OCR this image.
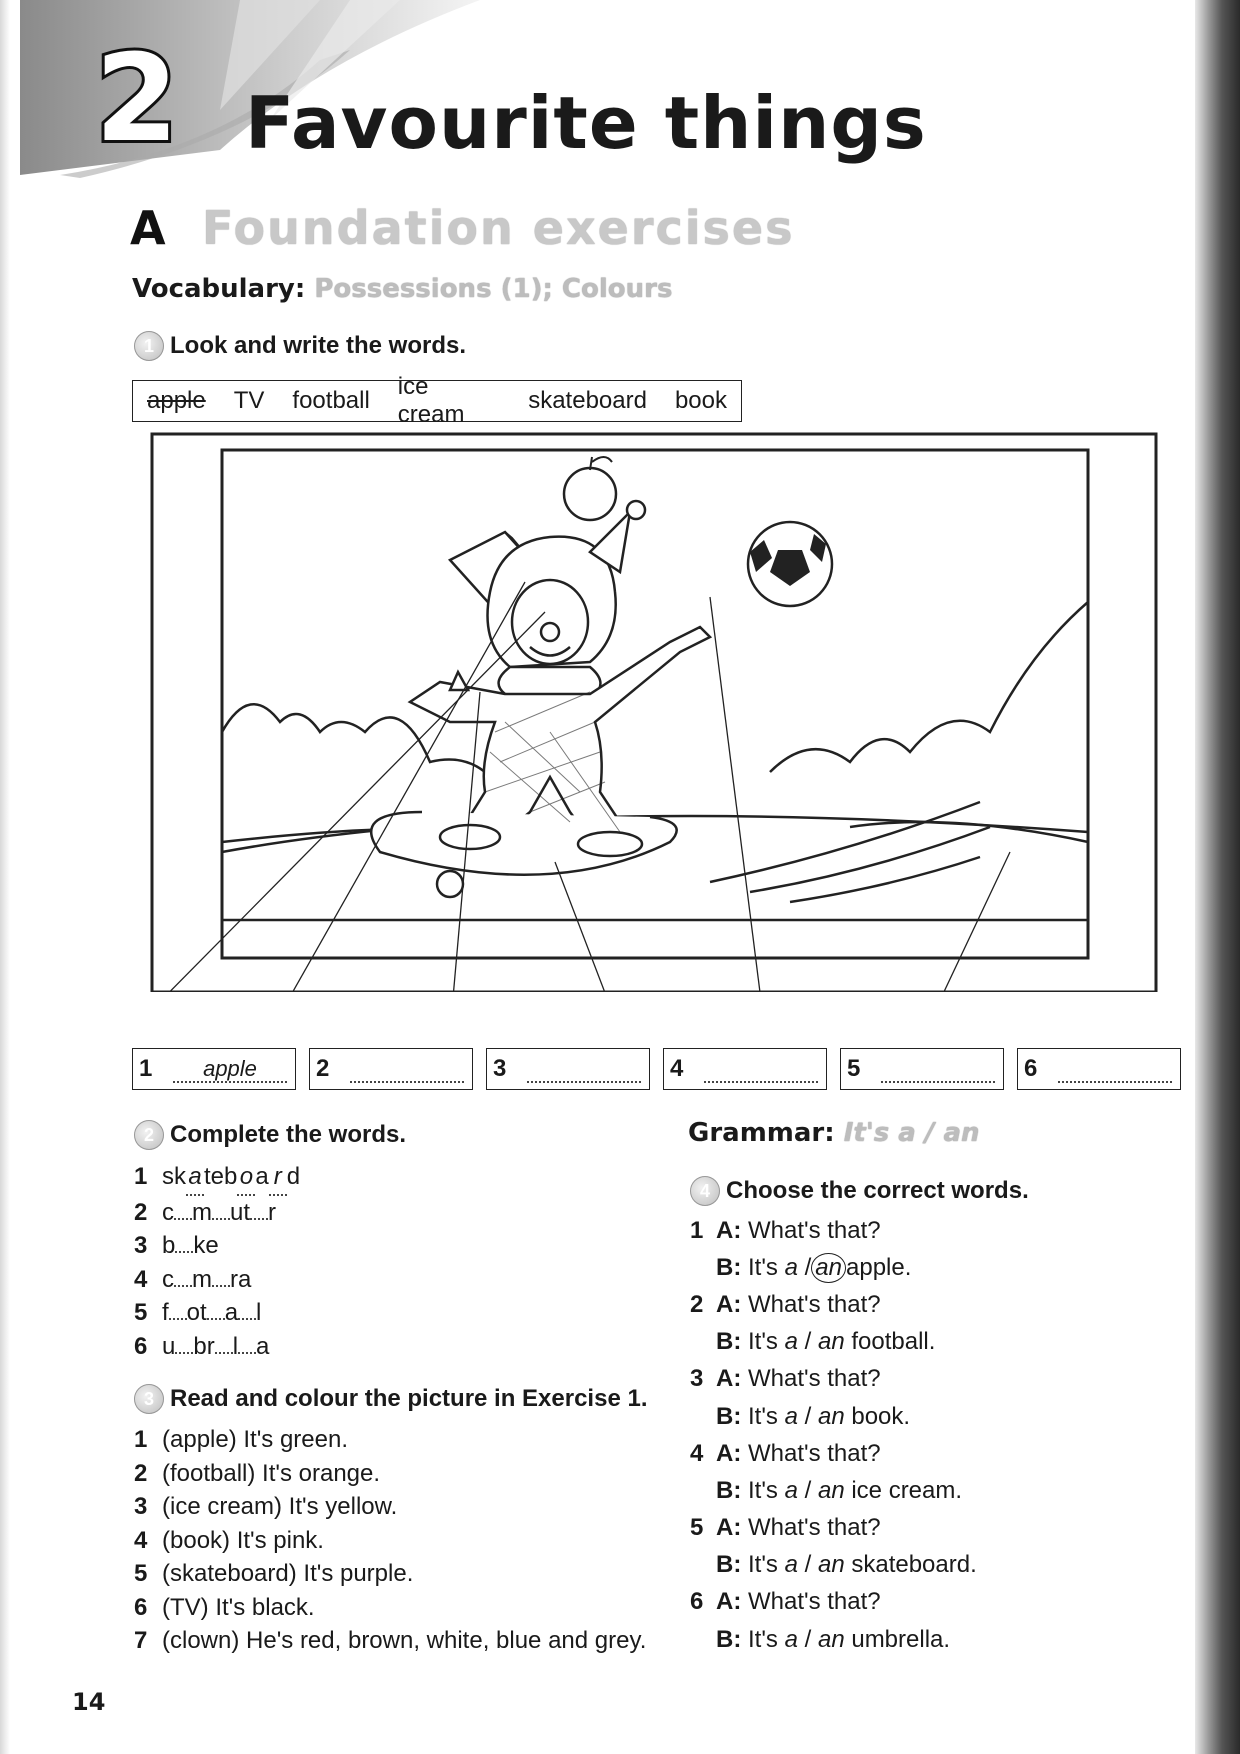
2 Favourite things
A Foundation exercises
Vocabulary: Possessions (1); Colours
1 Look and write the words.
apple	TV	football
ice cream
skateboard	book
1	apple	2	3	4	5	6
2 Complete the words.
1 skateboa r d
2 c m ut r
3 b ke
4 c m ra
5 f ot a l
6 u br l a
3 Read and colour the picture in Exercise 1.
1 (apple) It's green.
2 (football) It's orange.
3 (ice cream) It's yellow.
4 (book) It's pink.
5 (skateboard) It's purple.
6 (TV) It's black.
7 (clown) He's red, brown, white, blue and grey.
Grammar: It's a / an
4 Choose the correct words.
1 A:
What's that?
B:
It's
a
/ an apple.
2 A:
What's that?
B:
It's
a
/
an
football.
3 A:
What's that?
B:
It's
a
/
an
book.
4 A:
What's that?
B:
It's
a
/
an
ice cream.
5 A:
What's that?
B:
It's
a
/
an
skateboard.
6 A:
What's that?
B:
It's
a
/
an
umbrella.
14
